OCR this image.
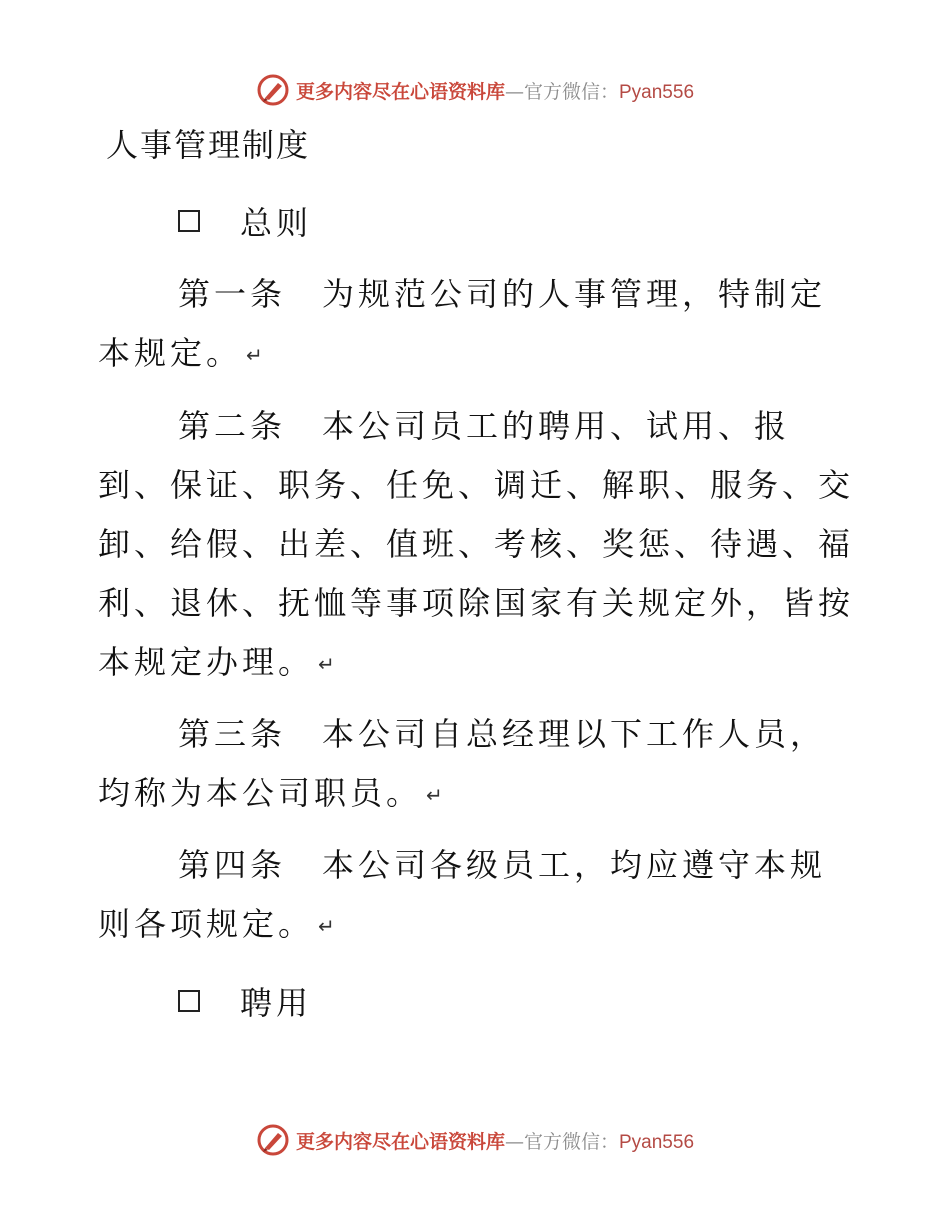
更多内容尽在心语资料库—官方微信：Pyan556
人事管理制度
总则

第一条 为规范公司的人事管理，特制定本规定。 ↵

第二条 本公司员工的聘用、试用、报到、保证、职务、任免、调迁、解职、服务、交卸、给假、出差、值班、考核、奖惩、待遇、福利、退休、抚恤等事项除国家有关规定外，皆按本规定办理。 ↵

第三条 本公司自总经理以下工作人员，均称为本公司职员。 ↵

第四条 本公司各级员工，均应遵守本规则各项规定。 ↵

聘用
更多内容尽在心语资料库—官方微信：Pyan556
